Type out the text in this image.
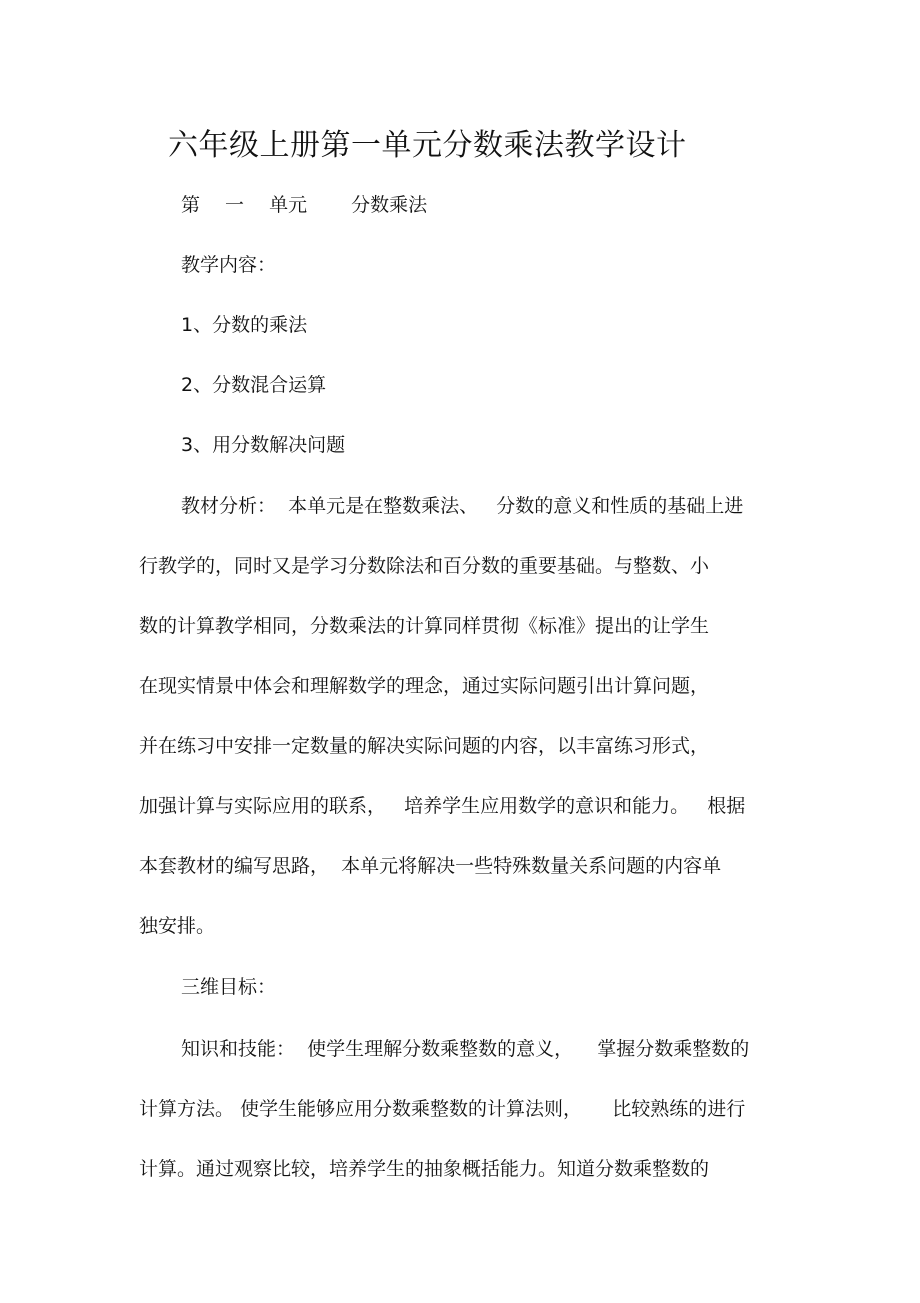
六年级上册第一单元分数乘法教学设计
第　 一　 单元　　 分数乘法
教学内容：
1、分数的乘法
2、分数混合运算
3、用分数解决问题
教材分析：  本单元是在整数乘法、   分数的意义和性质的基础上进
行教学的，同时又是学习分数除法和百分数的重要基础。与整数、小
数的计算教学相同，分数乘法的计算同样贯彻《标准》提出的让学生
在现实情景中体会和理解数学的理念，通过实际问题引出计算问题，
并在练习中安排一定数量的解决实际问题的内容，以丰富练习形式，
加强计算与实际应用的联系，   培养学生应用数学的意识和能力。   根据
本套教材的编写思路，  本单元将解决一些特殊数量关系问题的内容单
独安排。
三维目标：
知识和技能：  使学生理解分数乘整数的意义，    掌握分数乘整数的
计算方法。 使学生能够应用分数乘整数的计算法则，     比较熟练的进行
计算。通过观察比较，培养学生的抽象概括能力。知道分数乘整数的
